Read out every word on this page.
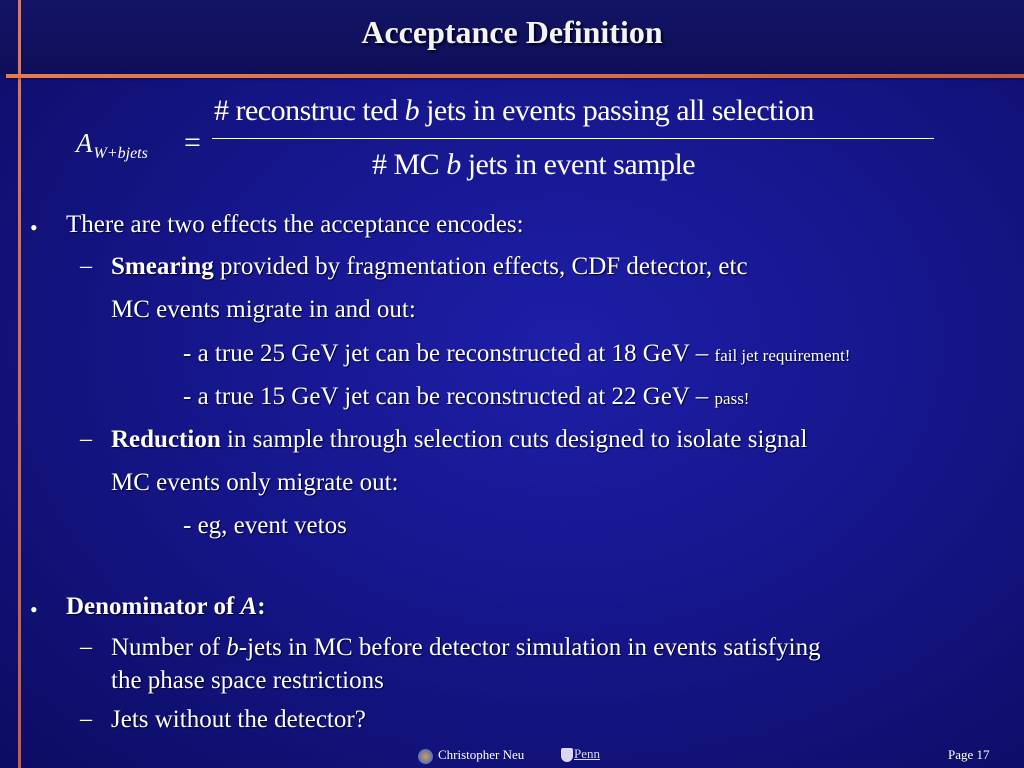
Acceptance Definition
$A_{W+bjets}$ =
# reconstruc ted b jets in events passing all selection
# MC b jets in event sample
• There are two effects the acceptance encodes:
– Smearing provided by fragmentation effects, CDF detector, etc
MC events migrate in and out:
- a true 25 GeV jet can be reconstructed at 18 GeV – fail jet requirement!
- a true 15 GeV jet can be reconstructed at 22 GeV – pass!
– Reduction in sample through selection cuts designed to isolate signal
MC events only migrate out:
- eg, event vetos
• Denominator of A:
– Number of b-jets in MC before detector simulation in events satisfying
the phase space restrictions
– Jets without the detector?
Christopher Neu	Penn	Page 17
